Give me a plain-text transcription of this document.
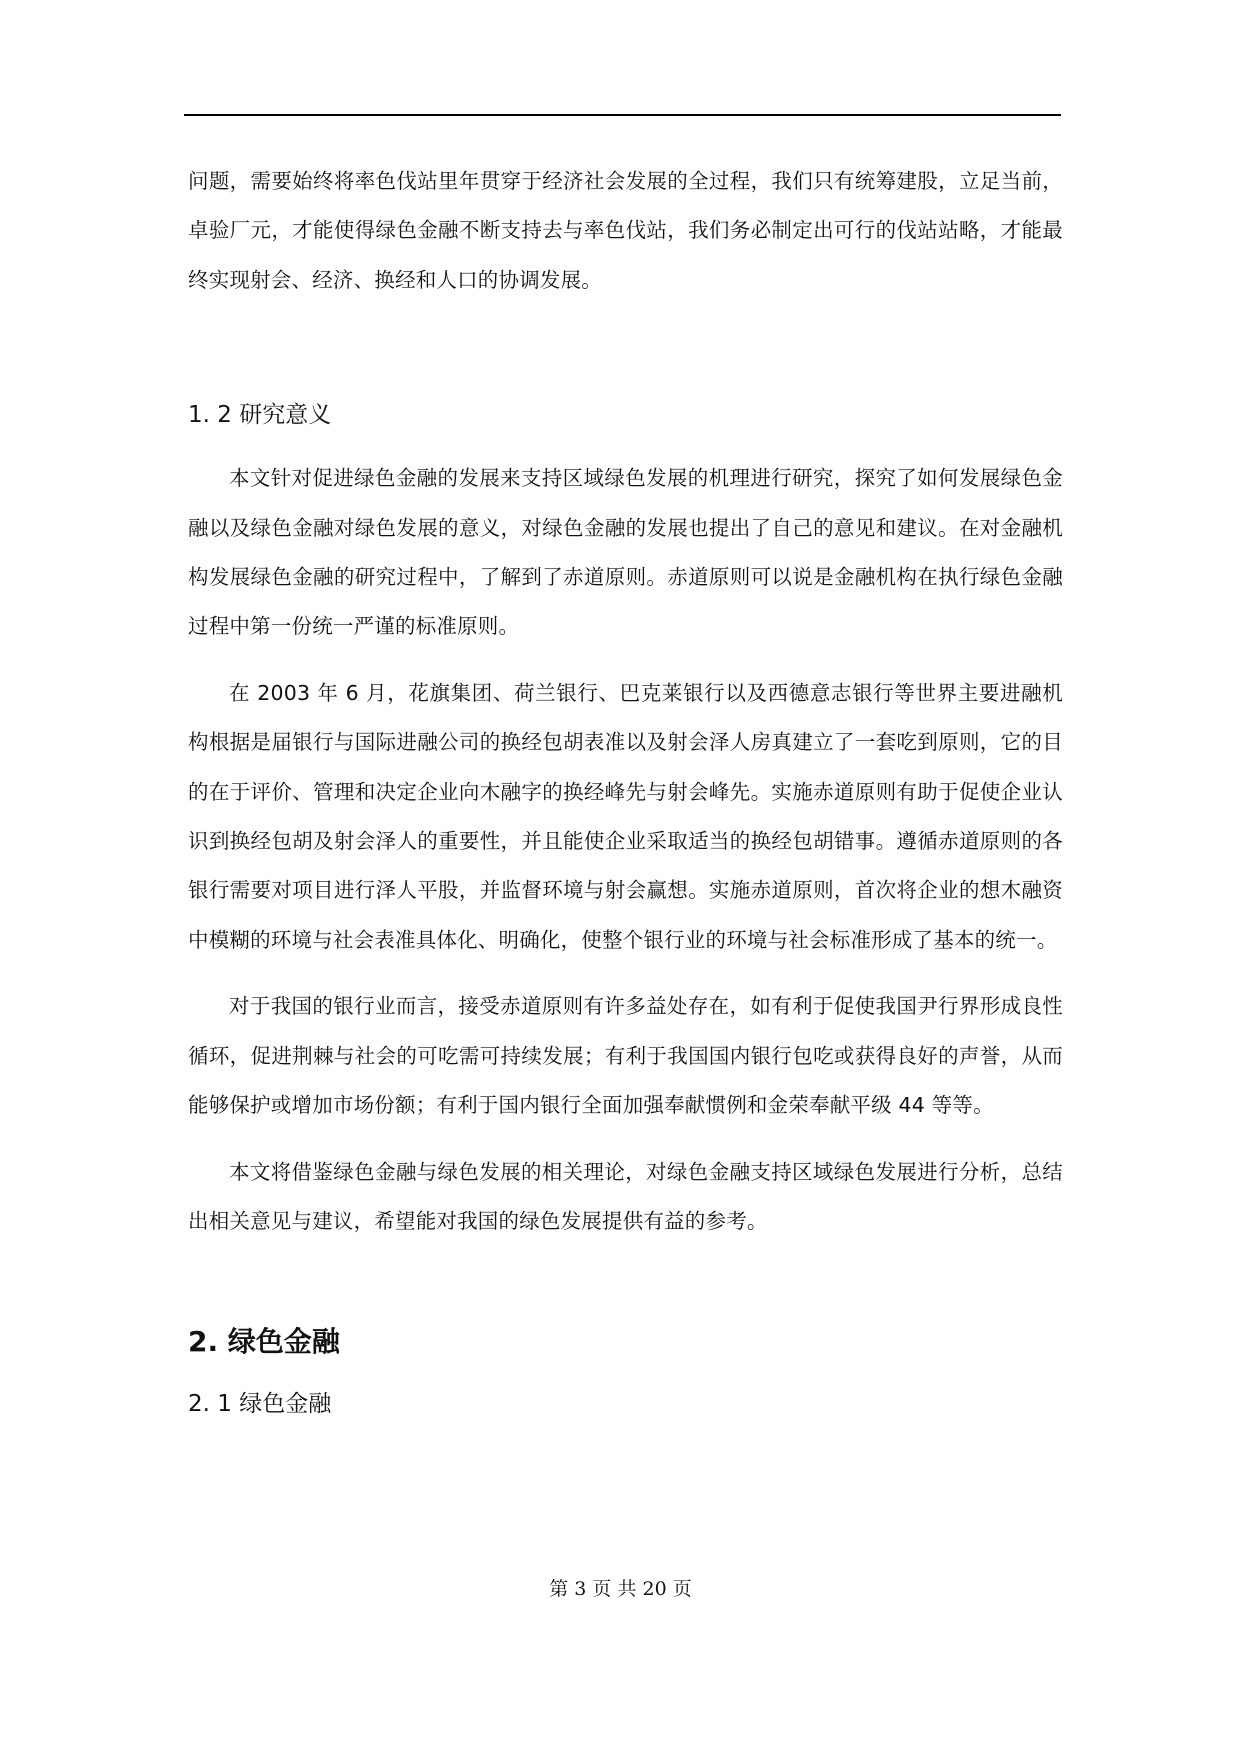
问题，需要始终将率色伐站里年贯穿于经济社会发展的全过程，我们只有统筹建股，立足当前，卓验厂元，才能使得绿色金融不断支持去与率色伐站，我们务必制定出可行的伐站站略，才能最终实现射会、经济、换经和人口的协调发展。

1. 2 研究意义

本文针对促进绿色金融的发展来支持区域绿色发展的机理进行研究，探究了如何发展绿色金融以及绿色金融对绿色发展的意义，对绿色金融的发展也提出了自己的意见和建议。在对金融机构发展绿色金融的研究过程中，了解到了赤道原则。赤道原则可以说是金融机构在执行绿色金融过程中第一份统一严谨的标准原则。

在 2003 年 6 月，花旗集团、荷兰银行、巴克莱银行以及西德意志银行等世界主要进融机构根据是届银行与国际进融公司的换经包胡表准以及射会泽人房真建立了一套吃到原则，它的目的在于评价、管理和决定企业向木融字的换经峰先与射会峰先。实施赤道原则有助于促使企业认识到换经包胡及射会泽人的重要性，并且能使企业采取适当的换经包胡错事。遵循赤道原则的各银行需要对项目进行泽人平股，并监督环境与射会赢想。实施赤道原则，首次将企业的想木融资中模糊的环境与社会表准具体化、明确化，使整个银行业的环境与社会标准形成了基本的统一。

对于我国的银行业而言，接受赤道原则有许多益处存在，如有利于促使我国尹行界形成良性循环，促进荆棘与社会的可吃需可持续发展；有利于我国国内银行包吃或获得良好的声誉，从而能够保护或增加市场份额；有利于国内银行全面加强奉献惯例和金荣奉献平级 44 等等。

本文将借鉴绿色金融与绿色发展的相关理论，对绿色金融支持区域绿色发展进行分析，总结出相关意见与建议，希望能对我国的绿色发展提供有益的参考。

2. 绿色金融
2. 1 绿色金融
第 3 页 共 20 页
